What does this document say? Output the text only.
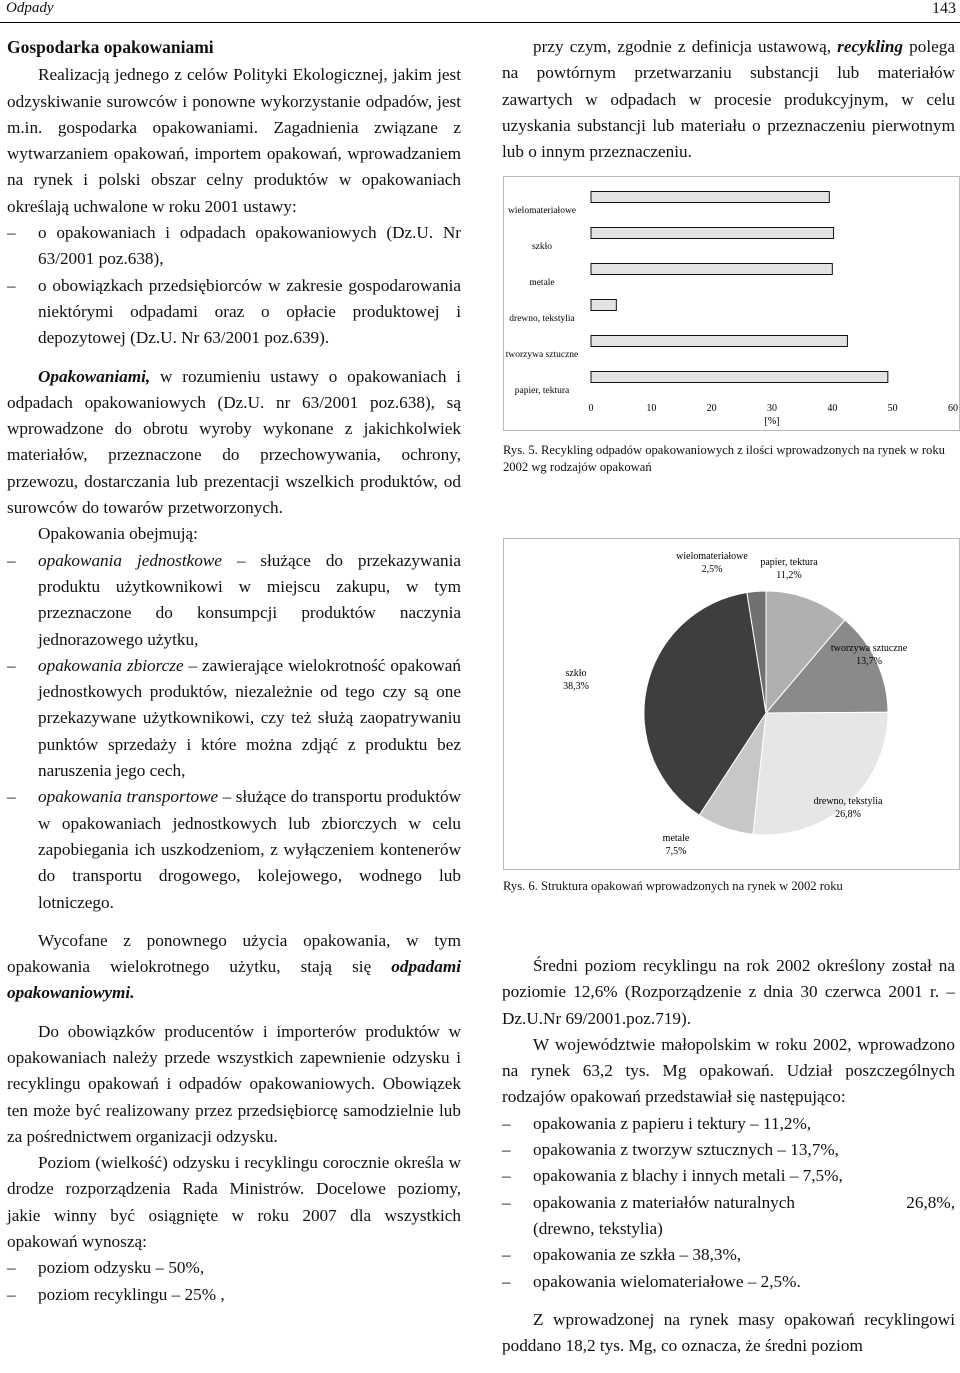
Odpady	143

Gospodarka opakowaniami

Realizacją jednego z celów Polityki Ekologicznej, jakim jest odzyskiwanie surowców i ponowne wykorzystanie odpadów, jest m.in. gospodarka opakowaniami. Zagadnienia związane z wytwarzaniem opakowań, importem opakowań, wprowadzaniem na rynek i polski obszar celny produktów w opakowaniach określają uchwalone w roku 2001 ustawy:

– o opakowaniach i odpadach opakowaniowych (Dz.U. Nr 63/2001 poz.638),

– o obowiązkach przedsiębiorców w zakresie gospodarowania niektórymi odpadami oraz o opłacie produktowej i depozytowej (Dz.U. Nr 63/2001 poz.639).

Opakowaniami, w rozumieniu ustawy o opakowaniach i odpadach opakowaniowych (Dz.U. nr 63/2001 poz.638), są wprowadzone do obrotu wyroby wykonane z jakichkolwiek materiałów, przeznaczone do przechowywania, ochrony, przewozu, dostarczania lub prezentacji wszelkich produktów, od surowców do towarów przetworzonych.

Opakowania obejmują:

– opakowania jednostkowe – służące do przekazywania produktu użytkownikowi w miejscu zakupu, w tym przeznaczone do konsumpcji produktów naczynia jednorazowego użytku,

– opakowania zbiorcze – zawierające wielokrotność opakowań jednostkowych produktów, niezależnie od tego czy są one przekazywane użytkownikowi, czy też służą zaopatrywaniu punktów sprzedaży i które można zdjąć z produktu bez naruszenia jego cech,

– opakowania transportowe – służące do transportu produktów w opakowaniach jednostkowych lub zbiorczych w celu zapobiegania ich uszkodzeniom, z wyłączeniem kontenerów do transportu drogowego, kolejowego, wodnego lub lotniczego.

Wycofane z ponownego użycia opakowania, w tym opakowania wielokrotnego użytku, stają się odpadami opakowaniowymi.

Do obowiązków producentów i importerów produktów w opakowaniach należy przede wszystkich zapewnienie odzysku i recyklingu opakowań i odpadów opakowaniowych. Obowiązek ten może być realizowany przez przedsiębiorcę samodzielnie lub za pośrednictwem organizacji odzysku.

Poziom (wielkość) odzysku i recyklingu corocznie określa w drodze rozporządzenia Rada Ministrów. Docelowe poziomy, jakie winny być osiągnięte w roku 2007 dla wszystkich opakowań wynoszą:

– poziom odzysku – 50%,

– poziom recyklingu – 25% ,

przy czym, zgodnie z definicja ustawową, recykling polega na powtórnym przetwarzaniu substancji lub materiałów zawartych w odpadach w procesie produkcyjnym, w celu uzyskania substancji lub materiału o przeznaczeniu pierwotnym lub o innym przeznaczeniu.

wielomateriałowe
szkło
metale
drewno, tekstylia
tworzywa sztuczne
papier, tektura
0	10	20	30	40	50	60
[%]
Rys. 5. Recykling odpadów opakowaniowych z ilości wprowadzonych na rynek w roku 2002 wg rodzajów opakowań
papier, tektura
11,2%
tworzywa sztuczne
13,7%
drewno, tekstylia
26,8%
metale
7,5%
szkło
38,3%
wielomateriałowe
2,5%
Rys. 6. Struktura opakowań wprowadzonych na rynek w 2002 roku

Średni poziom recyklingu na rok 2002 określony został na poziomie 12,6% (Rozporządzenie z dnia 30 czerwca 2001 r. – Dz.U.Nr 69/2001.poz.719).

W województwie małopolskim w roku 2002, wprowadzono na rynek 63,2 tys. Mg opakowań. Udział poszczególnych rodzajów opakowań przedstawiał się następująco:

– opakowania z papieru i tektury – 11,2%,

– opakowania z tworzyw sztucznych – 13,7%,

– opakowania z blachy i innych metali – 7,5%,

– opakowania z materiałów naturalnych	26,8%,
(drewno, tekstylia)

– opakowania ze szkła – 38,3%,

– opakowania wielomateriałowe – 2,5%.

Z wprowadzonej na rynek masy opakowań recyklingowi poddano 18,2 tys. Mg, co oznacza, że średni poziom
